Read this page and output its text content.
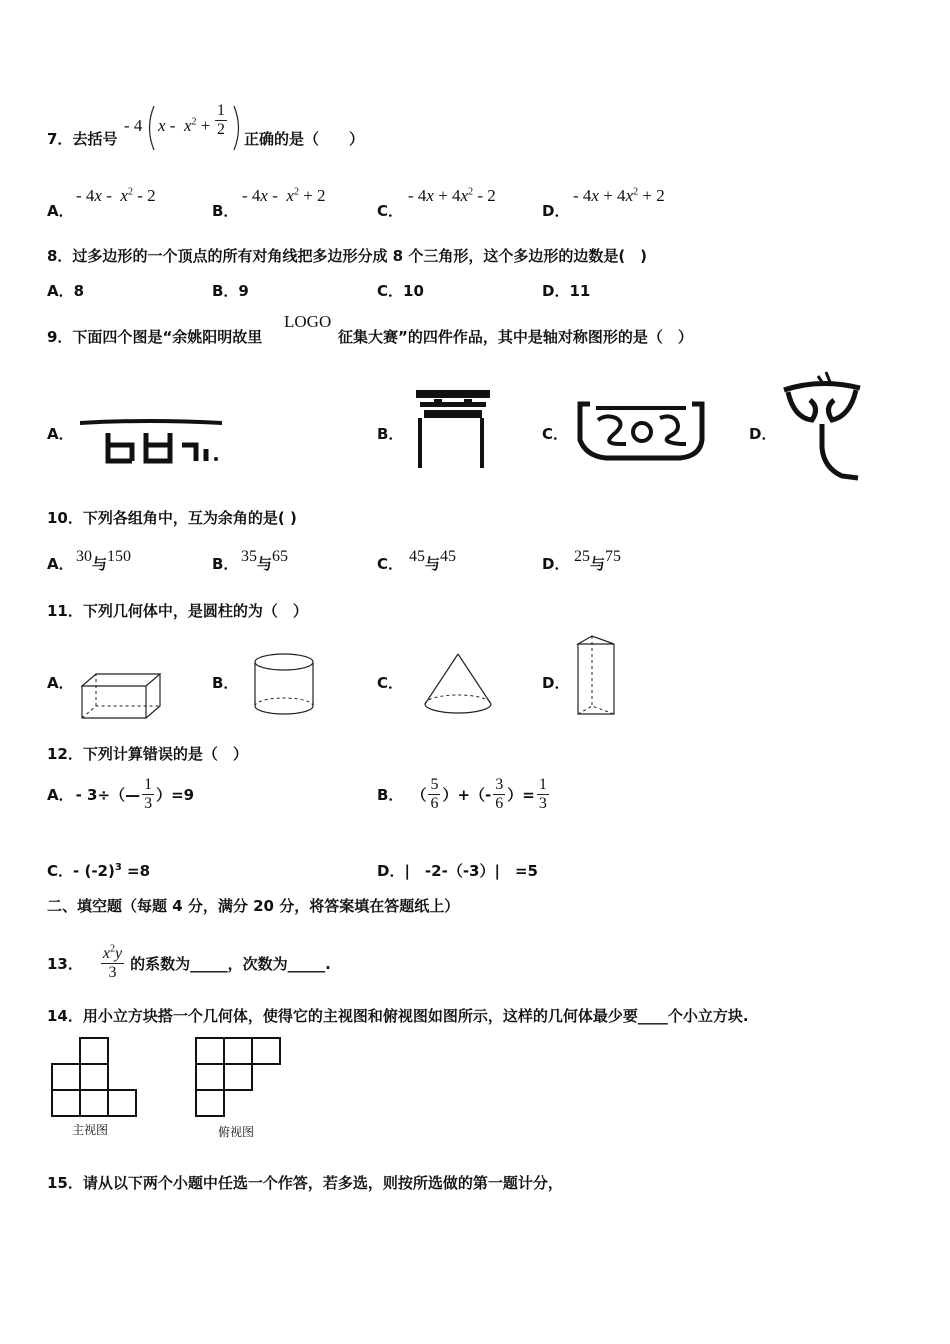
7．去括号
- 4 $x - x^2 + \frac{1}{2}$ 正确的是（　　）
A．
- $4x - x^2 - 2$
B．
- $4x - x^2 + 2$
C．
- $4x + 4x^2 - 2$
D．
- $4x + 4x^2 + 2$
8．过多边形的一个顶点的所有对角线把多边形分成 8 个三角形，这个多边形的边数是(　)
A．8	B．9	C．10	D．11
9．下面四个图是“余姚阳明故里
LOGO
征集大赛”的四件作品，其中是轴对称图形的是（　）
A．	B．	C．	D．
10．下列各组角中，互为余角的是( )
A． 30与150	B． 35与65	C． 45与45	D． 25与75
11．下列几何体中，是圆柱的为（　）
A．	B．	C．	D．
12．下列计算错误的是（　）
A． - 3÷（— $\frac{1}{3} )=9$	B． （ $\frac{5}{6}$ ）+（- $\frac{3}{6}$ ）= $\frac{1}{3}$
C．- $(-2)^3 =8$	D．|　-2-（-3）|　=5
二、填空题（每题 4 分，满分 20 分，将答案填在答题纸上）
13． $\frac{x^2y}{3}$ 的系数为_____，次数为_____.
14．用小立方块搭一个几何体，使得它的主视图和俯视图如图所示，这样的几何体最少要____个小立方块.
主视图	俯视图
15．请从以下两个小题中任选一个作答，若多选，则按所选做的第一题计分，
